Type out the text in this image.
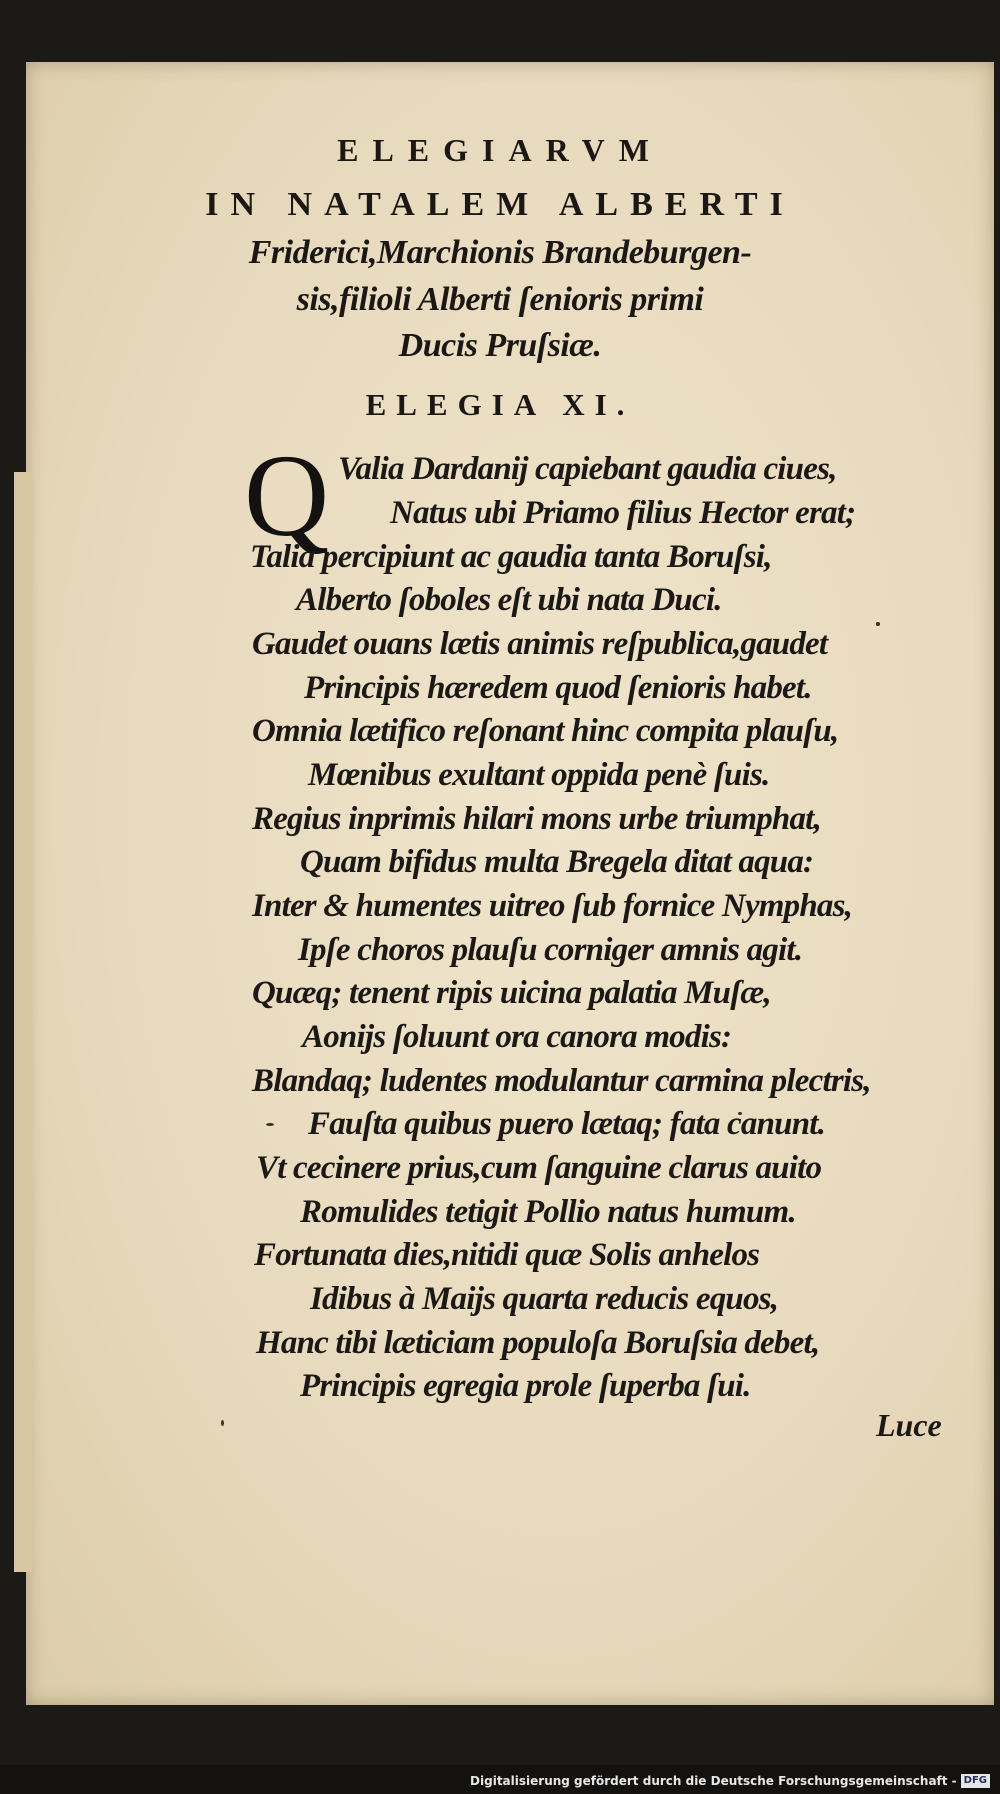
ELEGIARVM
IN NATALEM ALBERTI
Friderici,Marchionis Brandeburgen-
sis,filioli Alberti ſenioris primi
Ducis Pruſsiæ.
ELEGIA XI.
Q Valia Dardanij capiebant gaudia ciues,
Natus ubi Priamo filius Hector erat;
Talia percipiunt ac gaudia tanta Boruſsi,
Alberto ſoboles eſt ubi nata Duci.
Gaudet ouans lætis animis reſpublica,gaudet
Principis hæredem quod ſenioris habet.
Omnia lætifico reſonant hinc compita plauſu,
Mœnibus exultant oppida penè ſuis.
Regius inprimis hilari mons urbe triumphat,
Quam bifidus multa Bregela ditat aqua:
Inter & humentes uitreo ſub fornice Nymphas,
Ipſe choros plauſu corniger amnis agit.
Quæq; tenent ripis uicina palatia Muſæ,
Aonijs ſoluunt ora canora modis:
Blandaq; ludentes modulantur carmina plectris,
Fauſta quibus puero lætaq; fata canunt.
Vt cecinere prius,cum ſanguine clarus auito
Romulides tetigit Pollio natus humum.
Fortunata dies,nitidi quæ Solis anhelos
Idibus à Maijs quarta reducis equos,
Hanc tibi læticiam populoſa Boruſsia debet,
Principis egregia prole ſuperba ſui.
Luce
Digitalisierung gefördert durch die Deutsche Forschungsgemeinschaft - DFG
